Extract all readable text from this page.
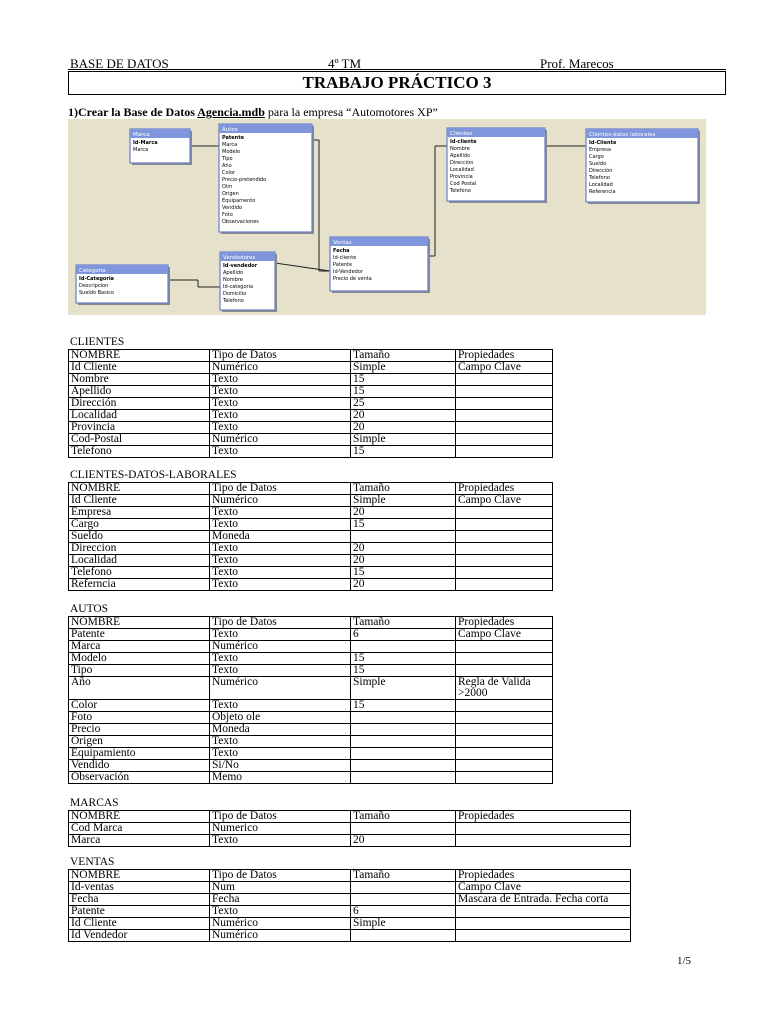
BASE DE DATOS	4º TM	Prof. Marecos
TRABAJO PRÁCTICO 3
1)Crear la Base de Datos Agencia.mdb para la empresa “Automotores XP”
Marca
Id-Marca
Marca
Autos
Patente
Marca
Modelo
Tipo
Año
Color
Precio-pretendido
Olm
Origen
Equipamento
Vendido
Foto
Observaciones
Clientes
Id-cliente
Nombre
Apellido
Dirección
Localidad
Provincia
Cod Postal
Telefono
Clientes-datos laborales
Id-Cliente
Empresa
Cargo
Sueldo
Dirección
Telefono
Localidad
Referencia
Categoria
Id-Categoria
Descripcion
Sueldo Basico
Vendedores
Id-vendedor
Apellido
Nombre
Id-categoria
Domicilio
Telefono
Ventas
Fecha
Id-cliente
Patente
Id-Vendedor
Precio de venta
CLIENTES
NOMBRE	Tipo de Datos	Tamaño	Propiedades
Id Cliente	Numérico	Simple	Campo Clave
Nombre	Texto	15	
Apellido	Texto	15	
Dirección	Texto	25	
Localidad	Texto	20	
Provincia	Texto	20	
Cod-Postal	Numérico	Simple	
Telefono	Texto	15	
CLIENTES-DATOS-LABORALES
NOMBRE	Tipo de Datos	Tamaño	Propiedades
Id Cliente	Numérico	Simple	Campo Clave
Empresa	Texto	20	
Cargo	Texto	15	
Sueldo	Moneda		
Direccion	Texto	20	
Localidad	Texto	20	
Telefono	Texto	15	
Referncia	Texto	20	
AUTOS
NOMBRE	Tipo de Datos	Tamaño	Propiedades
Patente	Texto	6	Campo Clave
Marca	Numérico		
Modelo	Texto	15	
Tipo	Texto	15	
Año	Numérico	Simple	Regla de Valida
>2000
Color	Texto	15	
Foto	Objeto ole		
Precio	Moneda		
Origen	Texto		
Equipamiento	Texto		
Vendido	Si/No		
Observación	Memo		
MARCAS
NOMBRE	Tipo de Datos	Tamaño	Propiedades
Cod Marca	Numerico		
Marca	Texto	20	
VENTAS
NOMBRE	Tipo de Datos	Tamaño	Propiedades
Id-ventas	Num		Campo Clave
Fecha	Fecha		Mascara de Entrada. Fecha corta
Patente	Texto	6	
Id Cliente	Numérico	Simple	
Id Vendedor	Numérico		
1/5
